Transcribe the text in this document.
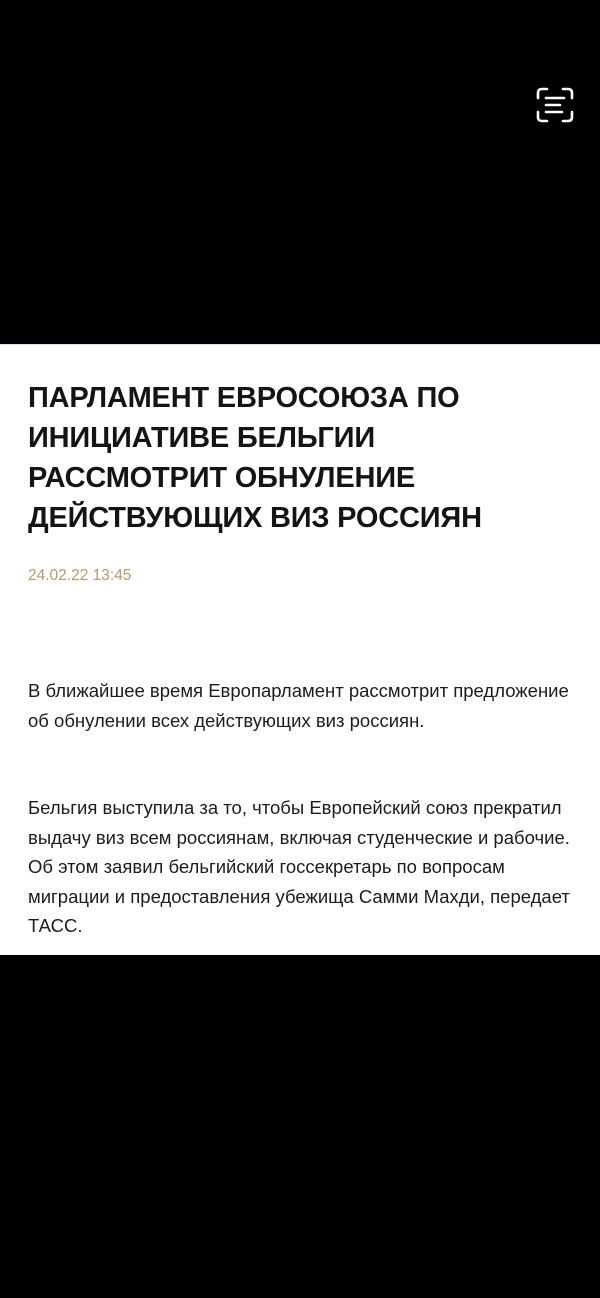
ПАРЛАМЕНТ ЕВРОСОЮЗА ПО ИНИЦИАТИВЕ БЕЛЬГИИ РАССМОТРИТ ОБНУЛЕНИЕ ДЕЙСТВУЮЩИХ ВИЗ РОССИЯН
24.02.22 13:45

В ближайшее время Европарламент рассмотрит предложение об обнулении всех действующих виз россиян.

Бельгия выступила за то, чтобы Европейский союз прекратил выдачу виз всем россиянам, включая студенческие и рабочие. Об этом заявил бельгийский госсекретарь по вопросам миграции и предоставления убежища Самми Махди, передает ТАСС.
